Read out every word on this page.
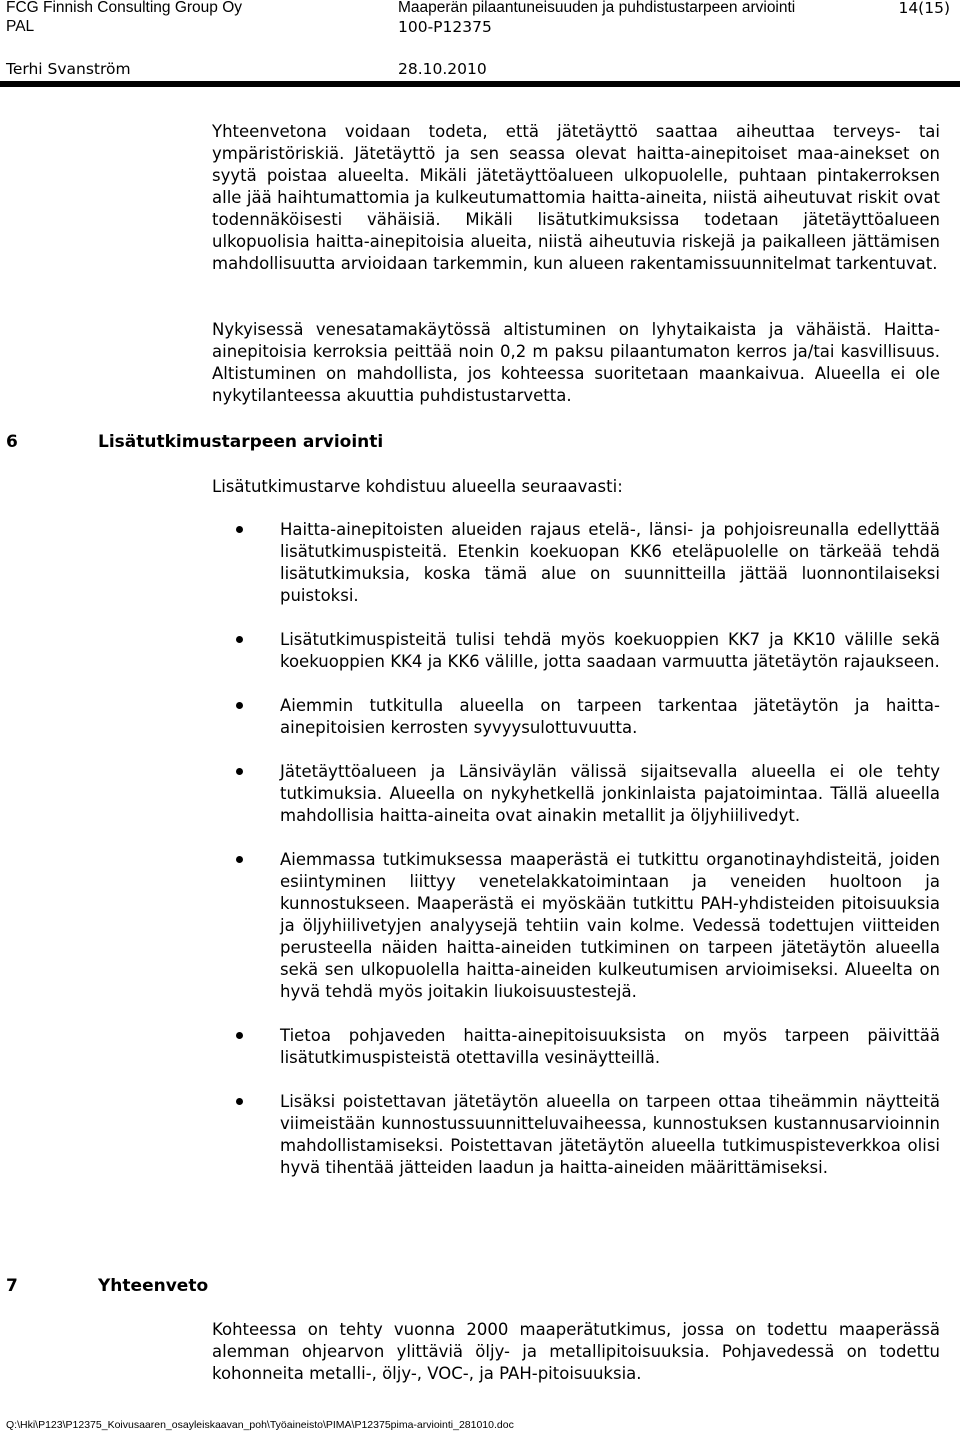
FCG Finnish Consulting Group Oy
PAL
Maaperän pilaantuneisuuden ja puhdistustarpeen arviointi
100-P12375
14(15)
Terhi Svanström	28.10.2010

Yhteenvetona voidaan todeta, että jätetäyttö saattaa aiheuttaa terveys- tai ympäristöriskiä. Jätetäyttö ja sen seassa olevat haitta-ainepitoiset maa-ainekset on syytä poistaa alueelta. Mikäli jätetäyttöalueen ulkopuolelle, puhtaan pintakerroksen alle jää haihtumattomia ja kulkeutumattomia haitta-aineita, niistä aiheutuvat riskit ovat todennäköisesti vähäisiä. Mikäli lisätutkimuksissa todetaan jätetäyttöalueen ulkopuolisia haitta-ainepitoisia alueita, niistä aiheutuvia riskejä ja paikalleen jättämisen mahdollisuutta arvioidaan tarkemmin, kun alueen rakentamissuunnitelmat tarkentuvat.

Nykyisessä venesatamakäytössä altistuminen on lyhytaikaista ja vähäistä. Haitta-ainepitoisia kerroksia peittää noin 0,2 m paksu pilaantumaton kerros ja/tai kasvillisuus. Altistuminen on mahdollista, jos kohteessa suoritetaan maankaivua. Alueella ei ole nykytilanteessa akuuttia puhdistustarvetta.

6	Lisätutkimustarpeen arviointi

Lisätutkimustarve kohdistuu alueella seuraavasti:

Haitta-ainepitoisten alueiden rajaus etelä-, länsi- ja pohjoisreunalla edellyttää lisätutkimuspisteitä. Etenkin koekuopan KK6 eteläpuolelle on tärkeää tehdä lisätutkimuksia, koska tämä alue on suunnitteilla jättää luonnontilaiseksi puistoksi.
Lisätutkimuspisteitä tulisi tehdä myös koekuoppien KK7 ja KK10 välille sekä koekuoppien KK4 ja KK6 välille, jotta saadaan varmuutta jätetäytön rajaukseen.
Aiemmin tutkitulla alueella on tarpeen tarkentaa jätetäytön ja haitta-ainepitoisien kerrosten syvyysulottuvuutta.
Jätetäyttöalueen ja Länsiväylän välissä sijaitsevalla alueella ei ole tehty tutkimuksia. Alueella on nykyhetkellä jonkinlaista pajatoimintaa. Tällä alueella mahdollisia haitta-aineita ovat ainakin metallit ja öljyhiilivedyt.
Aiemmassa tutkimuksessa maaperästä ei tutkittu organotinayhdisteitä, joiden esiintyminen liittyy venetelakkatoimintaan ja veneiden huoltoon ja kunnostukseen. Maaperästä ei myöskään tutkittu PAH-yhdisteiden pitoisuuksia ja öljyhiilivetyjen analyysejä tehtiin vain kolme. Vedessä todettujen viitteiden perusteella näiden haitta-aineiden tutkiminen on tarpeen jätetäytön alueella sekä sen ulkopuolella haitta-aineiden kulkeutumisen arvioimiseksi. Alueelta on hyvä tehdä myös joitakin liukoisuustestejä.
Tietoa pohjaveden haitta-ainepitoisuuksista on myös tarpeen päivittää lisätutkimuspisteistä otettavilla vesinäytteillä.
Lisäksi poistettavan jätetäytön alueella on tarpeen ottaa tiheämmin näytteitä viimeistään kunnostussuunnitteluvaiheessa, kunnostuksen kustannusarvioinnin mahdollistamiseksi. Poistettavan jätetäytön alueella tutkimuspisteverkkoa olisi hyvä tihentää jätteiden laadun ja haitta-aineiden määrittämiseksi.
7	Yhteenveto

Kohteessa on tehty vuonna 2000 maaperätutkimus, jossa on todettu maaperässä alemman ohjearvon ylittäviä öljy- ja metallipitoisuuksia. Pohjavedessä on todettu kohonneita metalli-, öljy-, VOC-, ja PAH-pitoisuuksia.

Q:\Hki\P123\P12375_Koivusaaren_osayleiskaavan_poh\Työaineisto\PIMA\P12375pima-arviointi_281010.doc
